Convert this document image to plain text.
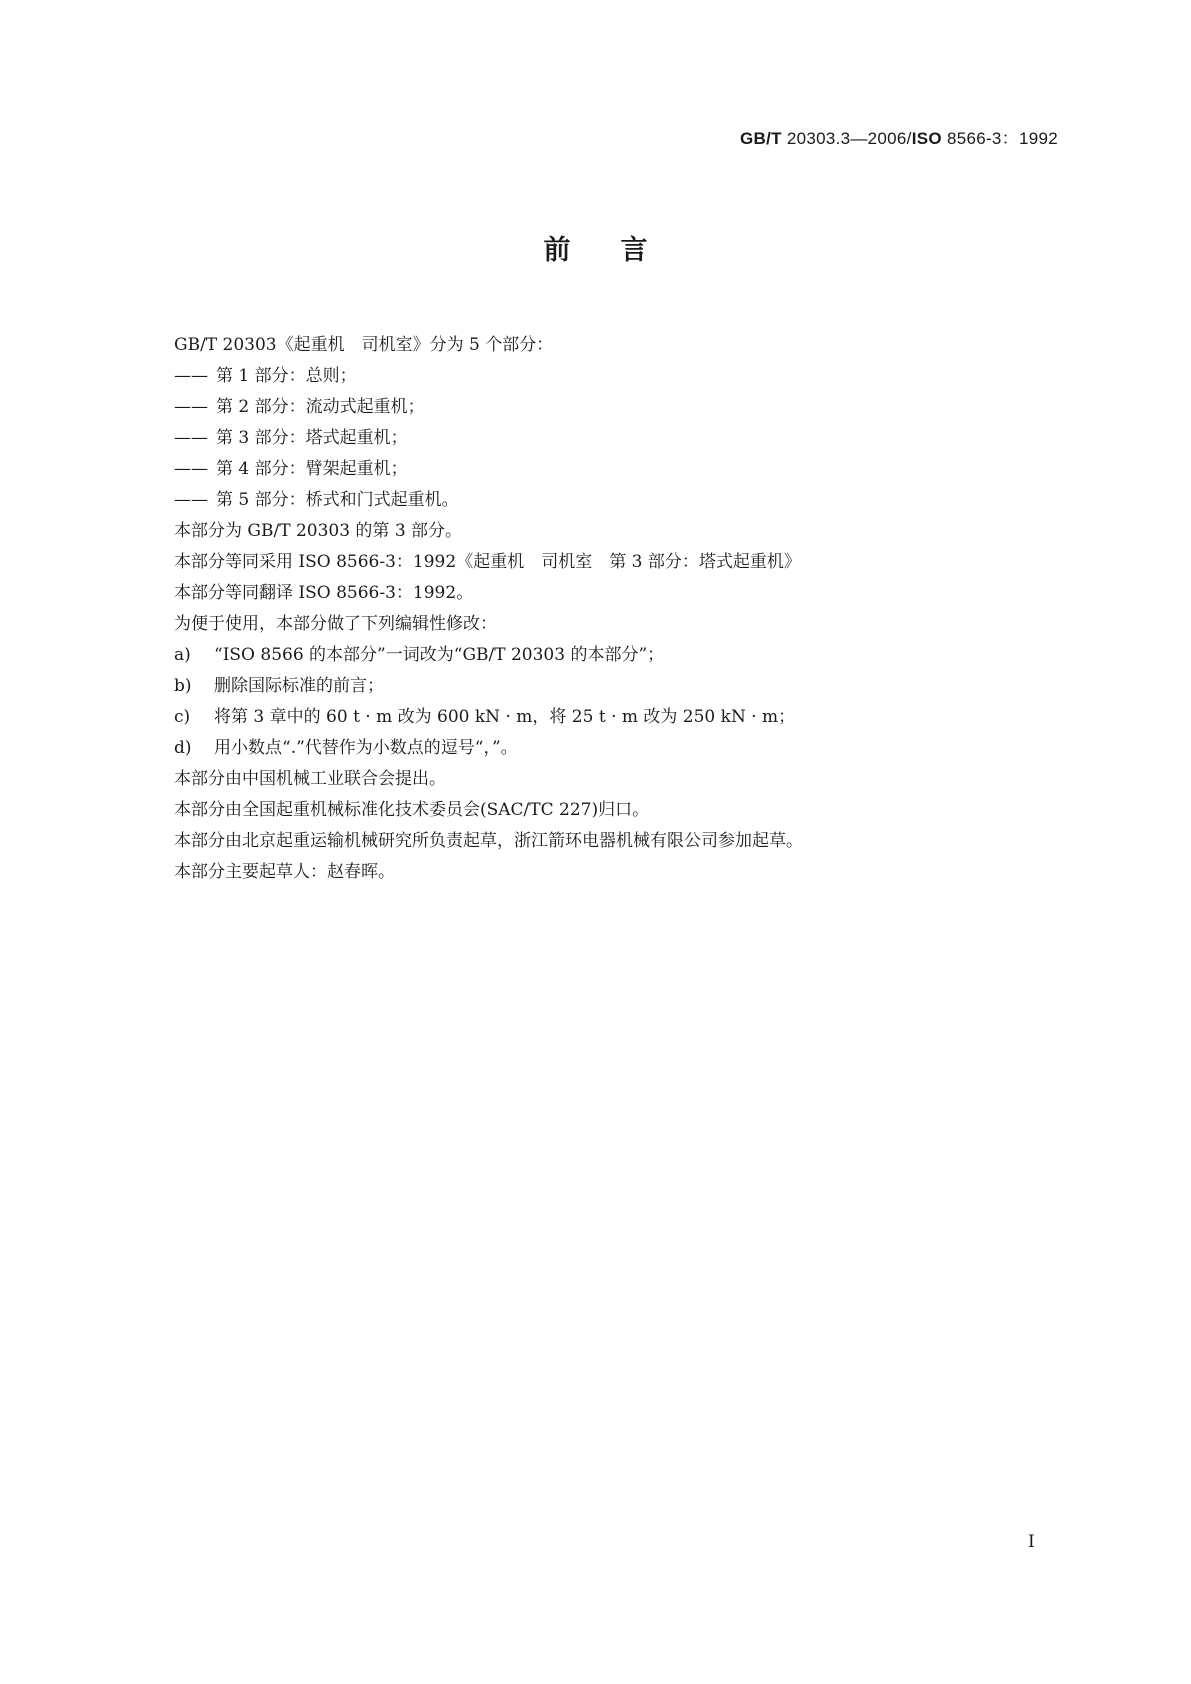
GB/T 20303.3—2006/ISO 8566-3：1992

前 言

GB/T 20303《起重机　司机室》分为 5 个部分：

—— 第 1 部分：总则；

—— 第 2 部分：流动式起重机；

—— 第 3 部分：塔式起重机；

—— 第 4 部分：臂架起重机；

—— 第 5 部分：桥式和门式起重机。

本部分为 GB/T 20303 的第 3 部分。

本部分等同采用 ISO 8566-3：1992《起重机　司机室　第 3 部分：塔式起重机》

本部分等同翻译 ISO 8566-3：1992。

为便于使用，本部分做了下列编辑性修改：

a)	“ISO 8566 的本部分”一词改为“GB/T 20303 的本部分”；

b)	删除国际标准的前言；

c)	将第 3 章中的 60 t · m 改为 600 kN · m，将 25 t · m 改为 250 kN · m；

d)	用小数点“.”代替作为小数点的逗号“，”。

本部分由中国机械工业联合会提出。

本部分由全国起重机械标准化技术委员会(SAC/TC 227)归口。

本部分由北京起重运输机械研究所负责起草，浙江箭环电器机械有限公司参加起草。

本部分主要起草人：赵春晖。

I
